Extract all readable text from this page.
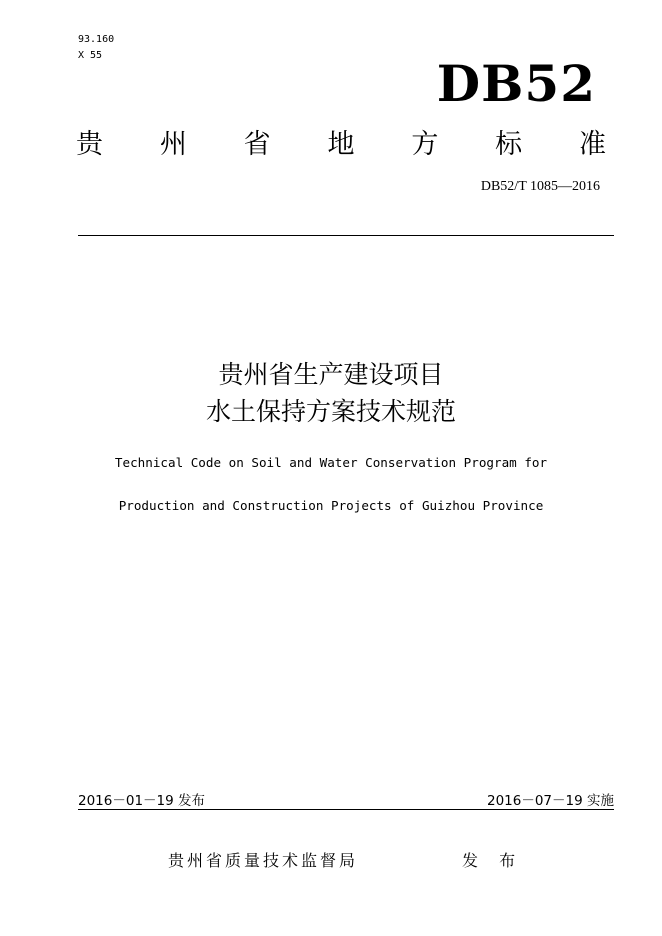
93.160
X 55	DB52
贵 州 省 地 方 标 准
DB52/T 1085—2016
贵州省生产建设项目
水土保持方案技术规范
Technical Code on Soil and Water Conservation Program for
Production and Construction Projects of Guizhou Province
2016－01－19 发布	2016－07－19 实施
贵州省质量技术监督局	发 布
